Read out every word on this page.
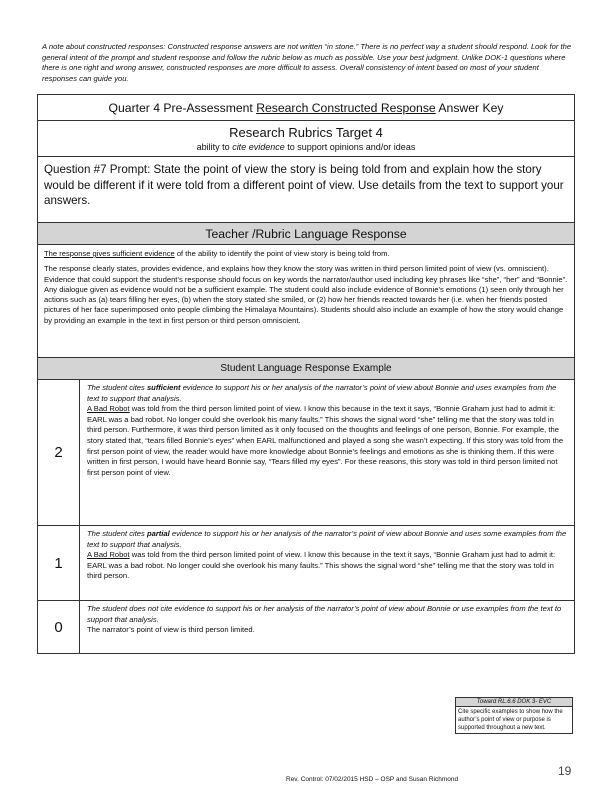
A note about constructed responses: Constructed response answers are not written “in stone.” There is no perfect way a student should respond. Look for the general intent of the prompt and student response and follow the rubric below as much as possible. Use your best judgment. Unlike DOK-1 questions where there is one right and wrong answer, constructed responses are more difficult to assess. Overall consistency of intent based on most of your student responses can guide you.
Quarter 4 Pre-Assessment Research Constructed Response Answer Key
Research Rubrics Target 4
ability to cite evidence to support opinions and/or ideas
Question #7 Prompt: State the point of view the story is being told from and explain how the story would be different if it were told from a different point of view. Use details from the text to support your answers.
Teacher /Rubric Language Response

The response gives sufficient evidence of the ability to identify the point of view story is being told from.

The response clearly states, provides evidence, and explains how they know the story was written in third person limited point of view (vs. omniscient). Evidence that could support the student’s response should focus on key words the narrator/author used including key phrases like “she”, “her” and “Bonnie”. Any dialogue given as evidence would not be a sufficient example. The student could also include evidence of Bonnie’s emotions (1) seen only through her actions such as (a) tears filling her eyes, (b) when the story stated she smiled, or (2) how her friends reacted towards her (i.e. when her friends posted pictures of her face superimposed onto people climbing the Himalaya Mountains). Students should also include an example of how the story would change by providing an example in the text in first person or third person omniscient.

Student Language Response Example
2
The student cites sufficient evidence to support his or her analysis of the narrator’s point of view about Bonnie and uses examples from the text to support that analysis.
A Bad Robot was told from the third person limited point of view. I know this because in the text it says, “Bonnie Graham just had to admit it: EARL was a bad robot. No longer could she overlook his many faults.” This shows the signal word “she” telling me that the story was told in third person. Furthermore, it was third person limited as it only focused on the thoughts and feelings of one person, Bonnie. For example, the story stated that, “tears filled Bonnie’s eyes” when EARL malfunctioned and played a song she wasn’t expecting. If this story was told from the first person point of view, the reader would have more knowledge about Bonnie’s feelings and emotions as she is thinking them. If this were written in first person, I would have heard Bonnie say, “Tears filled my eyes”. For these reasons, this story was told in third person limited not first person point of view.
1
The student cites partial evidence to support his or her analysis of the narrator’s point of view about Bonnie and uses some examples from the text to support that analysis.
A Bad Robot was told from the third person limited point of view. I know this because in the text it says, “Bonnie Graham just had to admit it: EARL was a bad robot. No longer could she overlook his many faults.” This shows the signal word “she” telling me that the story was told in third person.
0
The student does not cite evidence to support his or her analysis of the narrator’s point of view about Bonnie or use examples from the text to support that analysis.
The narrator’s point of view is third person limited.
Toward RL.6.6 DOK 3- EVC
Cite specific examples to show how the author’s point of view or purpose is supported throughout a new text.
Rev. Control: 07/02/2015 HSD – OSP and Susan Richmond
19
